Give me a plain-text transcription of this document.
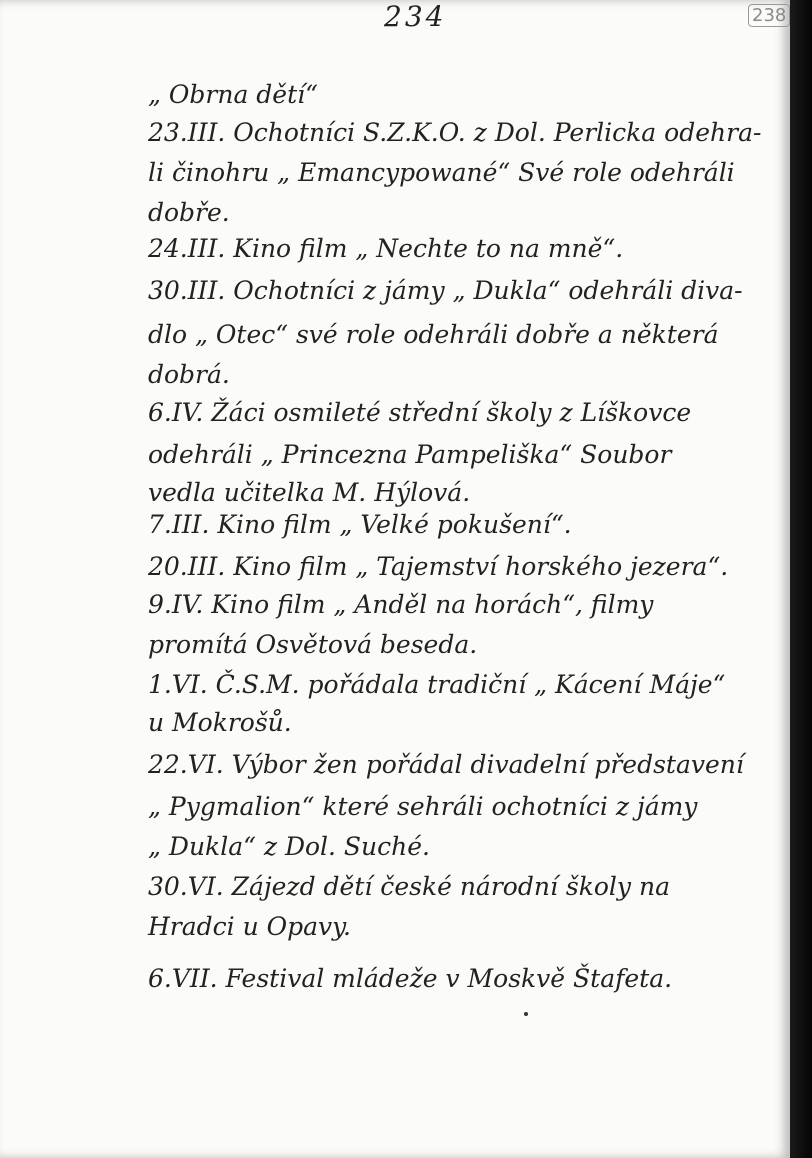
234	238
„ Obrna dětí“
23.III. Ochotníci S.Z.K.O. z Dol. Perlicka odehra-
li činohru „ Emancypowané“ Své role odehráli
dobře.
24.III. Kino film „ Nechte to na mně“.
30.III. Ochotníci z jámy „ Dukla“ odehráli diva-
dlo „ Otec“ své role odehráli dobře a některá
dobrá.
6.IV. Žáci osmileté střední školy z Líškovce
odehráli „ Princezna Pampeliška“ Soubor
vedla učitelka M. Hýlová.
7.III. Kino film „ Velké pokušení“.
20.III. Kino film „ Tajemství horského jezera“.
9.IV. Kino film „ Anděl na horách“, filmy
promítá Osvětová beseda.
1.VI. Č.S.M. pořádala tradiční „ Kácení Máje“
u Mokrošů.
22.VI. Výbor žen pořádal divadelní představení
„ Pygmalion“ které sehráli ochotníci z jámy
„ Dukla“ z Dol. Suché.
30.VI. Zájezd dětí české národní školy na
Hradci u Opavy.
6.VII. Festival mládeže v Moskvě Štafeta.
